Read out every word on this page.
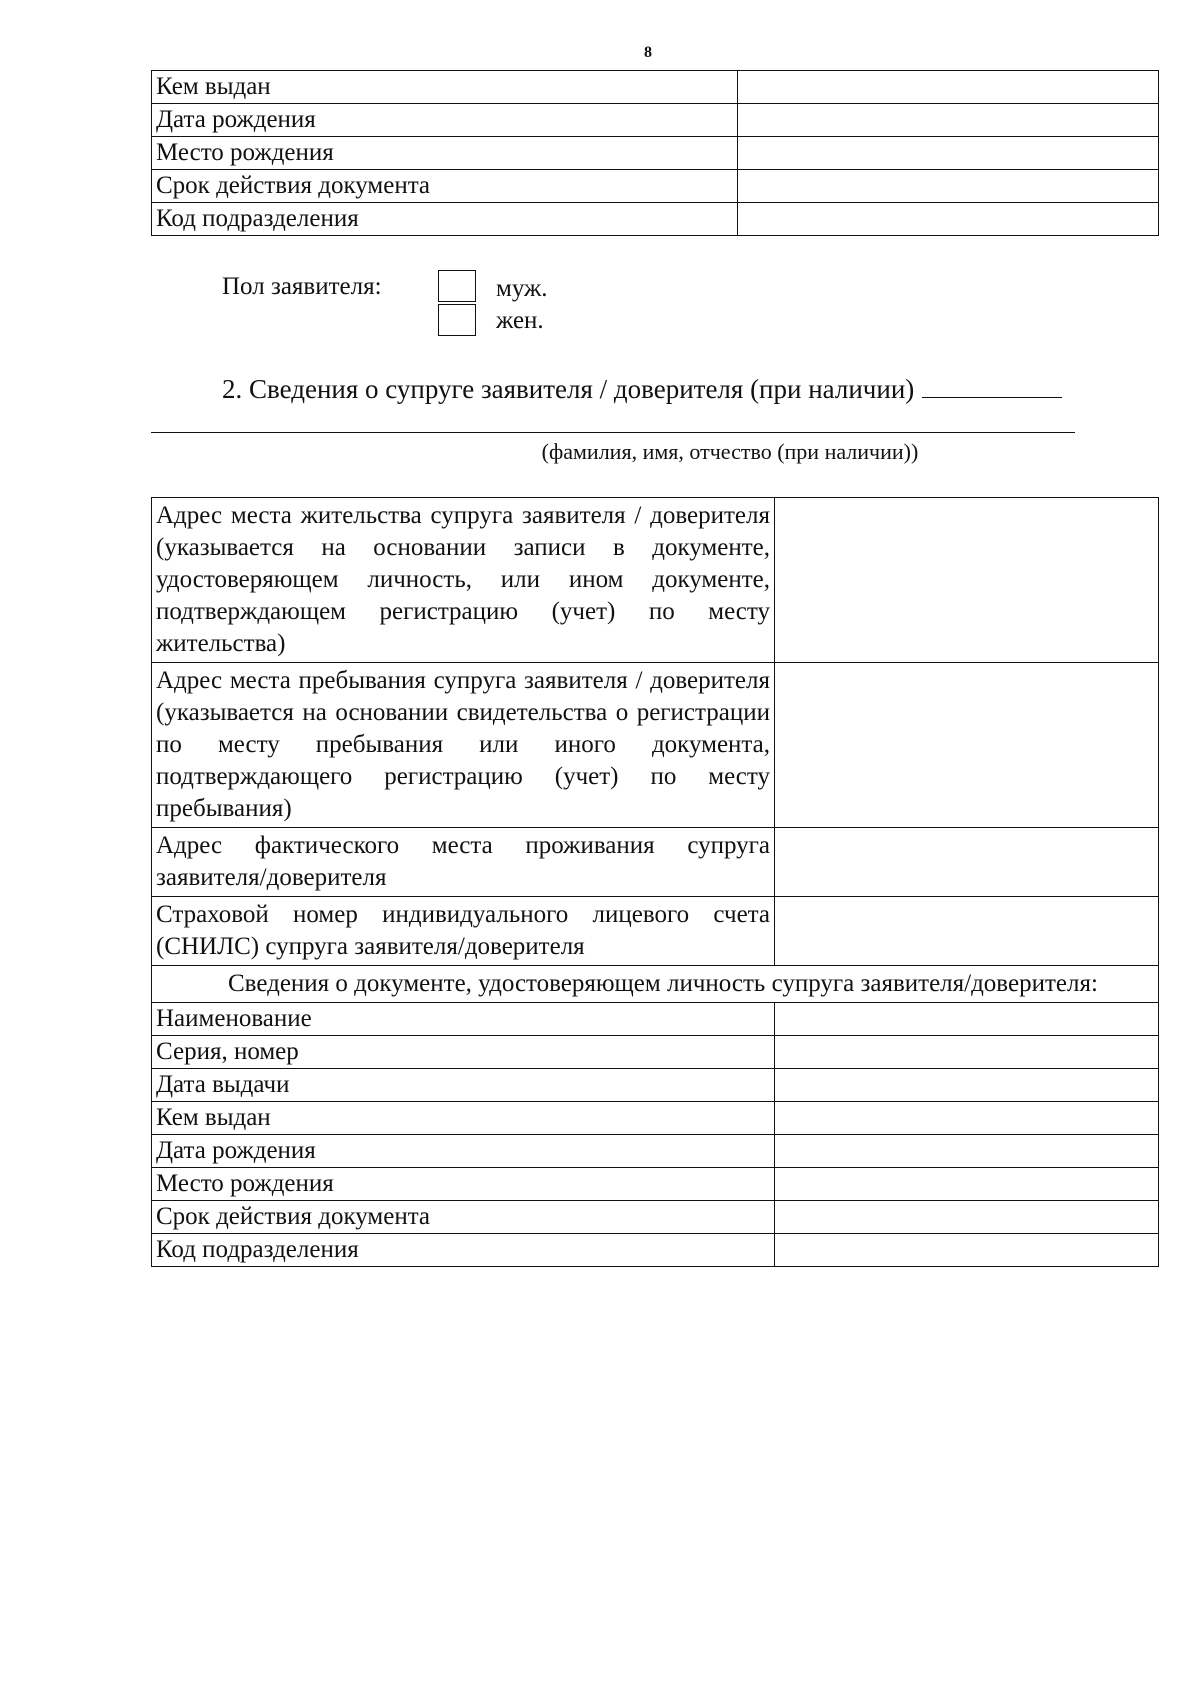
8
Кем выдан	
Дата рождения	
Место рождения	
Срок действия документа	
Код подразделения	
Пол заявителя:	муж.
жен.
2. Сведения о супруге заявителя / доверителя (при наличии)
(фамилия, имя, отчество (при наличии))
Адрес места жительства супруга заявителя / доверителя (указывается на основании записи в документе, удостоверяющем личность, или ином документе, подтверждающем регистрацию (учет) по месту жительства)	
Адрес места пребывания супруга заявителя / доверителя (указывается на основании свидетельства о регистрации по месту пребывания или иного документа, подтверждающего регистрацию (учет) по месту пребывания)	
Адрес фактического места проживания супруга заявителя/доверителя	
Страховой номер индивидуального лицевого счета (СНИЛС) супруга заявителя/доверителя	
Сведения о документе, удостоверяющем личность супруга заявителя/доверителя:	
Наименование	
Серия, номер	
Дата выдачи	
Кем выдан	
Дата рождения	
Место рождения	
Срок действия документа	
Код подразделения	
